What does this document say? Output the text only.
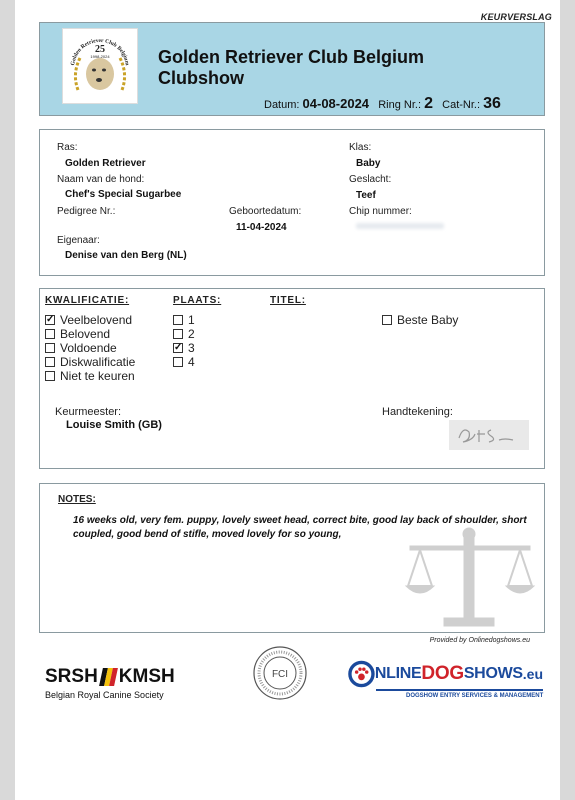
KEURVERSLAG
Golden Retriever Club Belgium
25
1998-2024	Golden Retriever Club Belgium
Clubshow
Datum: 04-08-2024 Ring Nr.: 2 Cat-Nr.: 36
Ras:
Golden Retriever
Naam van de hond:
Chef's Special Sugarbee
Pedigree Nr.:	Geboortedatum:
11-04-2024
Eigenaar:
Denise van den Berg (NL)
Klas:
Baby
Geslacht:
Teef
Chip nummer:
KWALIFICATIE:	PLAATS:	TITEL:
✓Veelbelovend
Belovend
Voldoende
Diskwalificatie
Niet te keuren
1
2
✓3
4
Beste Baby
Keurmeester:
Louise Smith (GB)
Handtekening:
NOTES:
16 weeks old, very fem. puppy, lovely sweet head, correct bite, good lay back of shoulder, short coupled, good bend of stifle, moved lovely for so young,
Provided by Onlinedogshows.eu
SRSH KMSH
Belgian Royal Canine Society
FCI	NLINE DOG SHOWS .eu
DOGSHOW ENTRY SERVICES & MANAGEMENT
